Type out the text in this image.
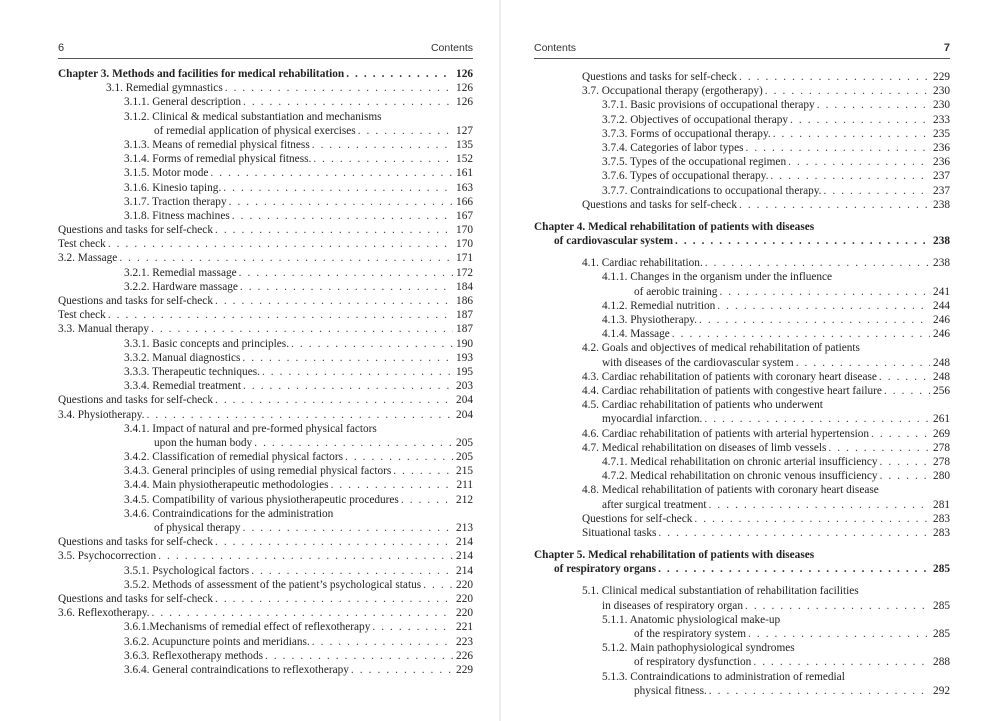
6	Contents
Chapter 3. Methods and facilities for medical rehabilitation . . .	126
3.1. Remedial gymnastics . . .	126
3.1.1. General description . . .	126
3.1.2. Clinical & medical substantiation and mechanisms
of remedial application of physical exercises . . .	127
3.1.3. Means of remedial physical fitness . . .	135
3.1.4. Forms of remedial physical fitness. . . .	152
3.1.5. Motor mode . . .	161
3.1.6. Kinesio taping. . . .	163
3.1.7. Traction therapy . . .	166
3.1.8. Fitness machines . . .	167
Questions and tasks for self-check . . .	170
Test check . . .	170
3.2. Massage . . .	171
3.2.1. Remedial massage . . .	172
3.2.2. Hardware massage . . .	184
Questions and tasks for self-check . . .	186
Test check . . .	187
3.3. Manual therapy . . .	187
3.3.1. Basic concepts and principles. . . .	190
3.3.2. Manual diagnostics . . .	193
3.3.3. Therapeutic techniques. . . .	195
3.3.4. Remedial treatment . . .	203
Questions and tasks for self-check . . .	204
3.4. Physiotherapy. . . .	204
3.4.1. Impact of natural and pre-formed physical factors
upon the human body . . .	205
3.4.2. Classification of remedial physical factors . . .	205
3.4.3. General principles of using remedial physical factors . . .	215
3.4.4. Main physiotherapeutic methodologies . . .	211
3.4.5. Compatibility of various physiotherapeutic procedures . . .	212
3.4.6. Contraindications for the administration
of physical therapy . . .	213
Questions and tasks for self-check . . .	214
3.5. Psychocorrection . . .	214
3.5.1. Psychological factors . . .	214
3.5.2. Methods of assessment of the patient’s psychological status . . .	220
Questions and tasks for self-check . . .	220
3.6. Reflexotherapy. . . .	220
3.6.1.Mechanisms of remedial effect of reflexotherapy . . .	221
3.6.2. Acupuncture points and meridians. . . .	223
3.6.3. Reflexotherapy methods . . .	226
3.6.4. General contraindications to reflexotherapy . . .	229
Contents	7
Questions and tasks for self-check . . .	229
3.7. Occupational therapy (ergotherapy) . . .	230
3.7.1. Basic provisions of occupational therapy . . .	230
3.7.2. Objectives of occupational therapy . . .	233
3.7.3. Forms of occupational therapy. . . .	235
3.7.4. Categories of labor types . . .	236
3.7.5. Types of the occupational regimen . . .	236
3.7.6. Types of occupational therapy. . . .	237
3.7.7. Contraindications to occupational therapy. . . .	237
Questions and tasks for self-check . . .	238
Chapter 4. Medical rehabilitation of patients with diseases
of cardiovascular system . . .	238
4.1. Cardiac rehabilitation. . . .	238
4.1.1. Changes in the organism under the influence
of aerobic training . . .	241
4.1.2. Remedial nutrition . . .	244
4.1.3. Physiotherapy. . . .	246
4.1.4. Massage . . .	246
4.2. Goals and objectives of medical rehabilitation of patients
with diseases of the cardiovascular system . . .	248
4.3. Cardiac rehabilitation of patients with coronary heart disease . . .	248
4.4. Cardiac rehabilitation of patients with congestive heart failure . . .	256
4.5. Cardiac rehabilitation of patients who underwent
myocardial infarction. . . .	261
4.6. Cardiac rehabilitation of patients with arterial hypertension . . .	269
4.7. Medical rehabilitation on diseases of limb vessels . . .	278
4.7.1. Medical rehabilitation on chronic arterial insufficiency . . .	278
4.7.2. Medical rehabilitation on chronic venous insufficiency . . .	280
4.8. Medical rehabilitation of patients with coronary heart disease
after surgical treatment . . .	281
Questions for self-check . . .	283
Situational tasks . . .	283
Chapter 5. Medical rehabilitation of patients with diseases
of respiratory organs . . .	285
5.1. Clinical medical substantiation of rehabilitation facilities
in diseases of respiratory organ . . .	285
5.1.1. Anatomic physiological make-up
of the respiratory system . . .	285
5.1.2. Main pathophysiological syndromes
of respiratory dysfunction . . .	288
5.1.3. Contraindications to administration of remedial
physical fitness. . . .	292
